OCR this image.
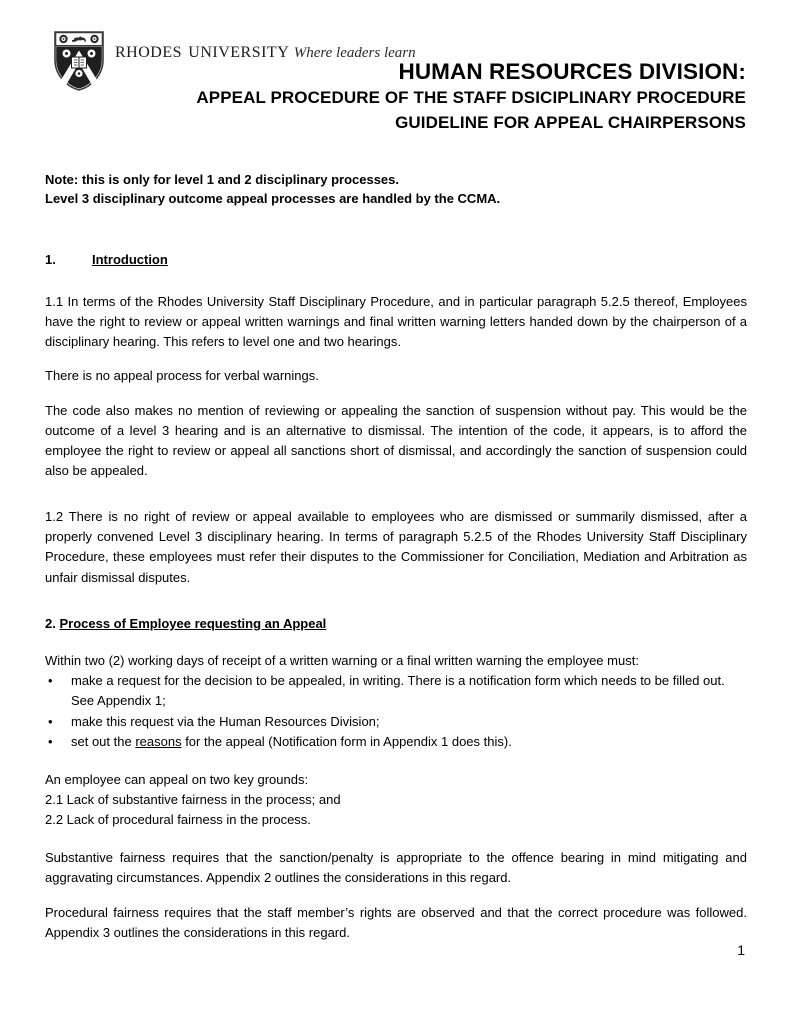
rhodes university Where leaders learn
HUMAN RESOURCES DIVISION:
APPEAL PROCEDURE OF THE STAFF DSICIPLINARY PROCEDURE
GUIDELINE FOR APPEAL CHAIRPERSONS
Note: this is only for level 1 and 2 disciplinary processes.
Level 3 disciplinary outcome appeal processes are handled by the CCMA.
1.	Introduction

1.1 In terms of the Rhodes University Staff Disciplinary Procedure, and in particular paragraph 5.2.5 thereof, Employees have the right to review or appeal written warnings and final written warning letters handed down by the chairperson of a disciplinary hearing. This refers to level one and two hearings.

There is no appeal process for verbal warnings.

The code also makes no mention of reviewing or appealing the sanction of suspension without pay. This would be the outcome of a level 3 hearing and is an alternative to dismissal. The intention of the code, it appears, is to afford the employee the right to review or appeal all sanctions short of dismissal, and accordingly the sanction of suspension could also be appealed.

1.2 There is no right of review or appeal available to employees who are dismissed or summarily dismissed, after a properly convened Level 3 disciplinary hearing. In terms of paragraph 5.2.5 of the Rhodes University Staff Disciplinary Procedure, these employees must refer their disputes to the Commissioner for Conciliation, Mediation and Arbitration as unfair dismissal disputes.

2. Process of Employee requesting an Appeal

Within two (2) working days of receipt of a written warning or a final written warning the employee must:

• make a request for the decision to be appealed, in writing. There is a notification form which needs to be filled out. See Appendix 1;
• make this request via the Human Resources Division;
• set out the reasons for the appeal (Notification form in Appendix 1 does this).

An employee can appeal on two key grounds:

2.1 Lack of substantive fairness in the process; and

2.2 Lack of procedural fairness in the process.

Substantive fairness requires that the sanction/penalty is appropriate to the offence bearing in mind mitigating and aggravating circumstances. Appendix 2 outlines the considerations in this regard.

Procedural fairness requires that the staff member’s rights are observed and that the correct procedure was followed. Appendix 3 outlines the considerations in this regard.

1
